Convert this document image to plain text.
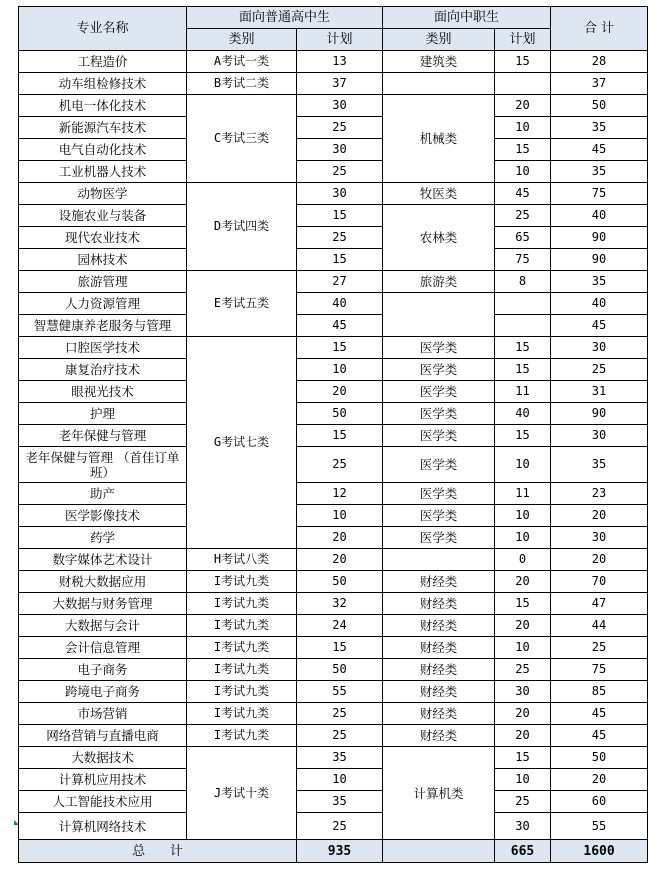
专业名称	面向普通高中生		面向中职生		合 计
	类别	计划	类别	计划	
工程造价	A考试一类	13	建筑类	15	28
动车组检修技术	B考试二类	37			37
机电一体化技术	C考试三类	30	机械类	20	50
新能源汽车技术		25		10	35
电气自动化技术		30		15	45
工业机器人技术		25		10	35
动物医学	D考试四类	30	牧医类	45	75
设施农业与装备		15	农林类	25	40
现代农业技术		25		65	90
园林技术		15		75	90
旅游管理	E考试五类	27	旅游类	8	35
人力资源管理		40			40
智慧健康养老服务与管理		45			45
口腔医学技术	G考试七类	15	医学类	15	30
康复治疗技术		10	医学类	15	25
眼视光技术		20	医学类	11	31
护理		50	医学类	40	90
老年保健与管理		15	医学类	15	30
老年保健与管理 （首佳订单班）		25	医学类	10	35
助产		12	医学类	11	23
医学影像技术		10	医学类	10	20
药学		20	医学类	10	30
数字媒体艺术设计	H考试八类	20		0	20
财税大数据应用	I考试九类	50	财经类	20	70
大数据与财务管理	I考试九类	32	财经类	15	47
大数据与会计	I考试九类	24	财经类	20	44
会计信息管理	I考试九类	15	财经类	10	25
电子商务	I考试九类	50	财经类	25	75
跨境电子商务	I考试九类	55	财经类	30	85
市场营销	I考试九类	25	财经类	20	45
网络营销与直播电商	I考试九类	25	财经类	20	45
大数据技术	J考试十类	35	计算机类	15	50
计算机应用技术		10		10	20
人工智能技术应用		35		25	60
计算机网络技术		25		30	55
总      计		935		665	1600
